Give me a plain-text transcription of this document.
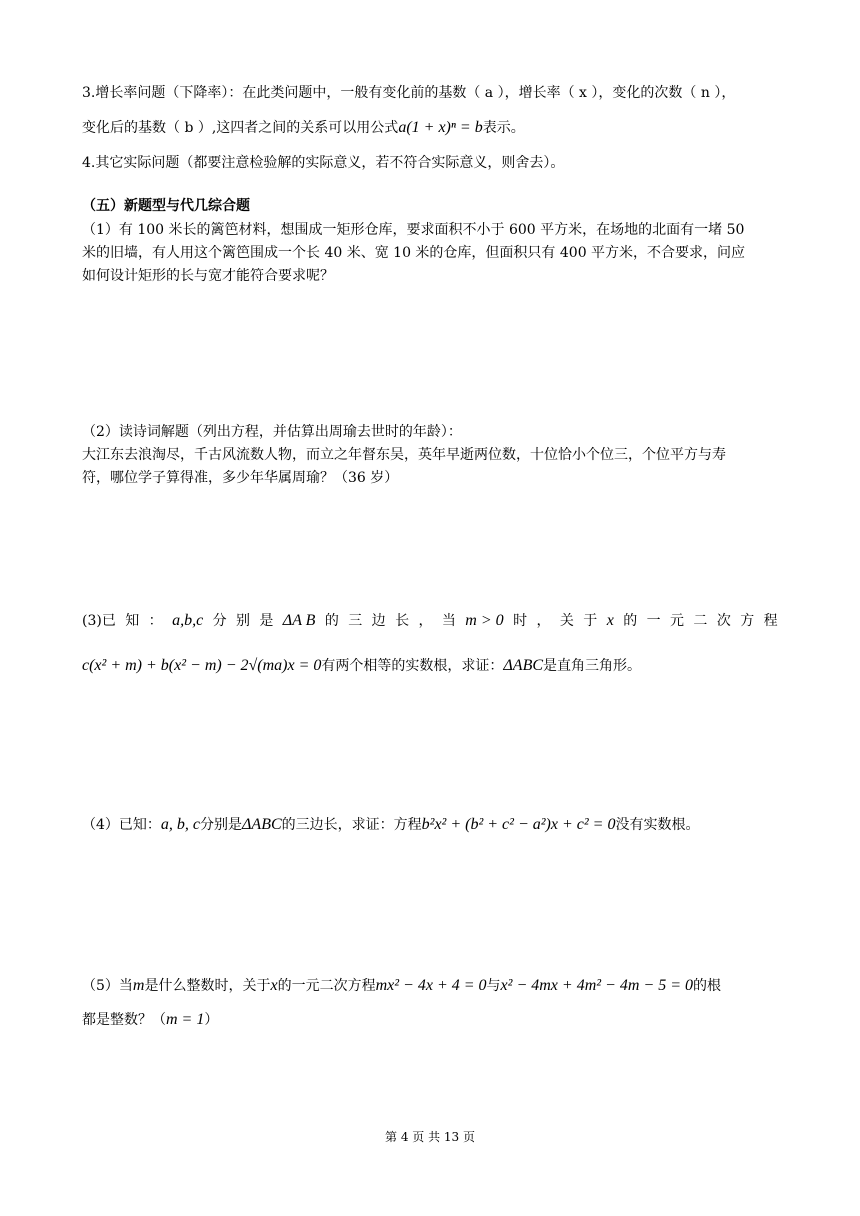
3.增长率问题（下降率）：在此类问题中，一般有变化前的基数（ a ），增长率（ x ），变化的次数（ n ），
变化后的基数（ b ）,这四者之间的关系可以用公式a(1 + x)ⁿ = b表示。
4.其它实际问题（都要注意检验解的实际意义，若不符合实际意义，则舍去）。
（五）新题型与代几综合题
（1）有 100 米长的篱笆材料，想围成一矩形仓库，要求面积不小于 600 平方米，在场地的北面有一堵 50
米的旧墙，有人用这个篱笆围成一个长 40 米、宽 10 米的仓库，但面积只有 400 平方米，不合要求，问应
如何设计矩形的长与宽才能符合要求呢？
（2）读诗词解题（列出方程，并估算出周瑜去世时的年龄）：
大江东去浪淘尽，千古风流数人物，而立之年督东吴，英年早逝两位数，十位恰小个位三，个位平方与寿
符，哪位学子算得准，多少年华属周瑜？（36 岁）
(3)已 知 ： a,b,c 分 别 是 ΔA B 的 三 边 长 ， 当 m > 0 时 ， 关 于 x 的 一 元 二 次 方 程
c(x² + m) + b(x² − m) − 2√(ma)x = 0有两个相等的实数根，求证：ΔABC是直角三角形。
（4）已知：a, b, c分别是ΔABC的三边长，求证：方程b²x² + (b² + c² − a²)x + c² = 0没有实数根。
（5）当m是什么整数时，关于x的一元二次方程mx² − 4x + 4 = 0与x² − 4mx + 4m² − 4m − 5 = 0的根
都是整数？（m = 1）
第 4 页 共 13 页
